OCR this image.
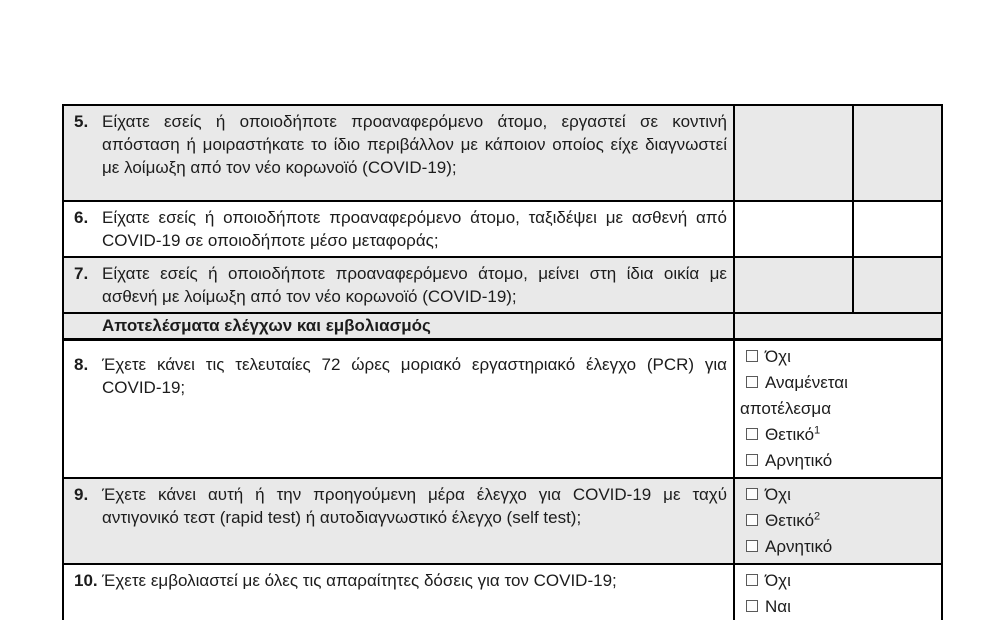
5. Είχατε εσείς ή οποιοδήποτε προαναφερόμενο άτομο, εργαστεί σε κοντινή απόσταση ή μοιραστήκατε το ίδιο περιβάλλον με κάποιον οποίος είχε διαγνωστεί με λοίμωξη από τον νέο κορωνοϊό (COVID-19);		

6. Είχατε εσείς ή οποιοδήποτε προαναφερόμενο άτομο, ταξιδέψει με ασθενή από COVID-19 σε οποιοδήποτε μέσο μεταφοράς;		

7. Είχατε εσείς ή οποιοδήποτε προαναφερόμενο άτομο, μείνει στη ίδια οικία με ασθενή με λοίμωξη από τον νέο κορωνοϊό (COVID-19);		

Αποτελέσματα ελέγχων και εμβολιασμός		

8. Έχετε κάνει τις τελευταίες 72 ώρες μοριακό εργαστηριακό έλεγχο (PCR) για COVID-19;	Όχι
Αναμένεται αποτέλεσμα
Θετικό$^1$
Αρνητικό	

9. Έχετε κάνει αυτή ή την προηγούμενη μέρα έλεγχο για COVID-19 με ταχύ αντιγονικό τεστ (rapid test) ή αυτοδιαγνωστικό έλεγχο (self test);	Όχι
Θετικό$^2$
Αρνητικό	

10. Έχετε εμβολιαστεί με όλες τις απαραίτητες δόσεις για τον COVID-19;	Όχι
Ναι	
